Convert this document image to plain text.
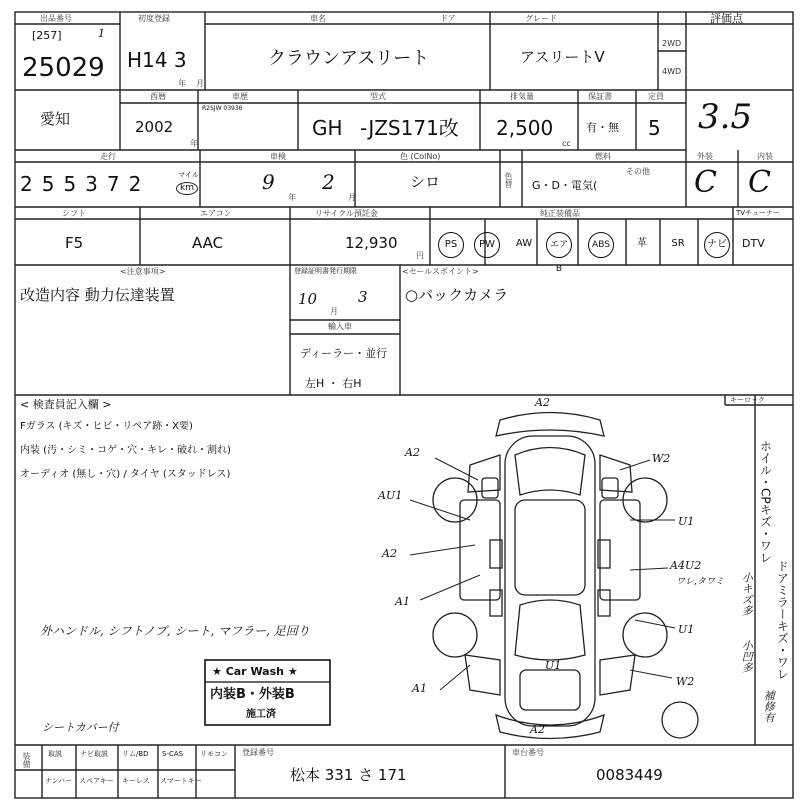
出品番号
[257]	1
25029
初度登録
H14 3
年 月
車名
クラウンアスリート
ドア	グレード
アスリートV
2WD
4WD
評価点
3.5
愛知
西暦
2002
年
車歴
R2SJW 03936
型式
GH -JZS171改
排気量
2,500
cc
保証書
有・無
定員
5
走行
255372	マイル
km
車検
9
年
2
月
色 (ColNo)
シロ	色替
燃料
G・D・電気(
その他
外装
C
内装
C
シフト
F5
エアコン
AAC
リサイクル預託金
12,930
円
純正装備品
PS	PW	AW	エアB
ABS	革	SR	ナビ
TVチューナー
DTV
<注意事項>
改造内容 動力伝達装置
登録証明書発行期限
10
月
3
輸入車
ディーラー・並行
左H ・ 右H
<セールスポイント>
○バックカメラ
< 検査員記入欄 >
Fガラス (キズ・ヒビ・リペア跡・X要)
内装 (汚・シミ・コゲ・穴・キレ・破れ・割れ)
オーディオ (無し・穴) / タイヤ (スタッドレス)
外ハンドル, シフトノブ, シート, マフラー, 足回り
シートカバー付
キーロック
ホイル・CPキズ・ワレ
ドアミラーキズ・ワレ
小キズ多
小凹多
補修有
A2
A2
A2
AU1
A2
A1
A1
W2
U1
A4U2
ワレ,タワミ
U1
U1
W2
★ Car Wash ★
内装B・外装B
施工済
装備 取説	ナビ取説 リム/BD S-CAS リモコン
ナンバー スペアキー キーレス スマートキー
登録番号
松本 331 さ 171
車台番号
0083449
